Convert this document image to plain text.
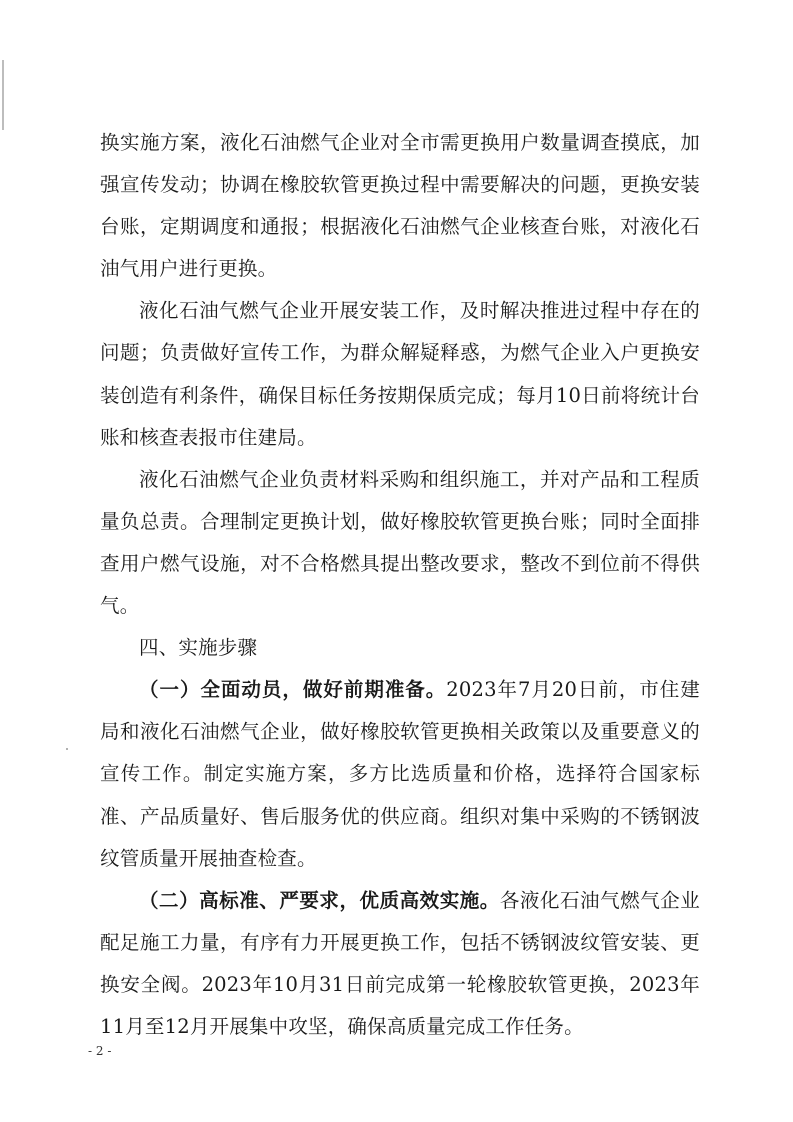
换实施方案，液化石油燃气企业对全市需更换用户数量调查摸底，加强宣传发动；协调在橡胶软管更换过程中需要解决的问题，更换安装台账，定期调度和通报；根据液化石油燃气企业核查台账，对液化石油气用户进行更换。

液化石油气燃气企业开展安装工作，及时解决推进过程中存在的问题；负责做好宣传工作，为群众解疑释惑，为燃气企业入户更换安装创造有利条件，确保目标任务按期保质完成；每月10日前将统计台账和核查表报市住建局。

液化石油燃气企业负责材料采购和组织施工，并对产品和工程质量负总责。合理制定更换计划，做好橡胶软管更换台账；同时全面排查用户燃气设施，对不合格燃具提出整改要求，整改不到位前不得供气。

四、实施步骤

（一）全面动员，做好前期准备。2023年7月20日前，市住建局和液化石油燃气企业，做好橡胶软管更换相关政策以及重要意义的宣传工作。制定实施方案，多方比选质量和价格，选择符合国家标准、产品质量好、售后服务优的供应商。组织对集中采购的不锈钢波纹管质量开展抽查检查。

（二）高标准、严要求，优质高效实施。各液化石油气燃气企业配足施工力量，有序有力开展更换工作，包括不锈钢波纹管安装、更换安全阀。2023年10月31日前完成第一轮橡胶软管更换，2023年11月至12月开展集中攻坚，确保高质量完成工作任务。

- 2 -
